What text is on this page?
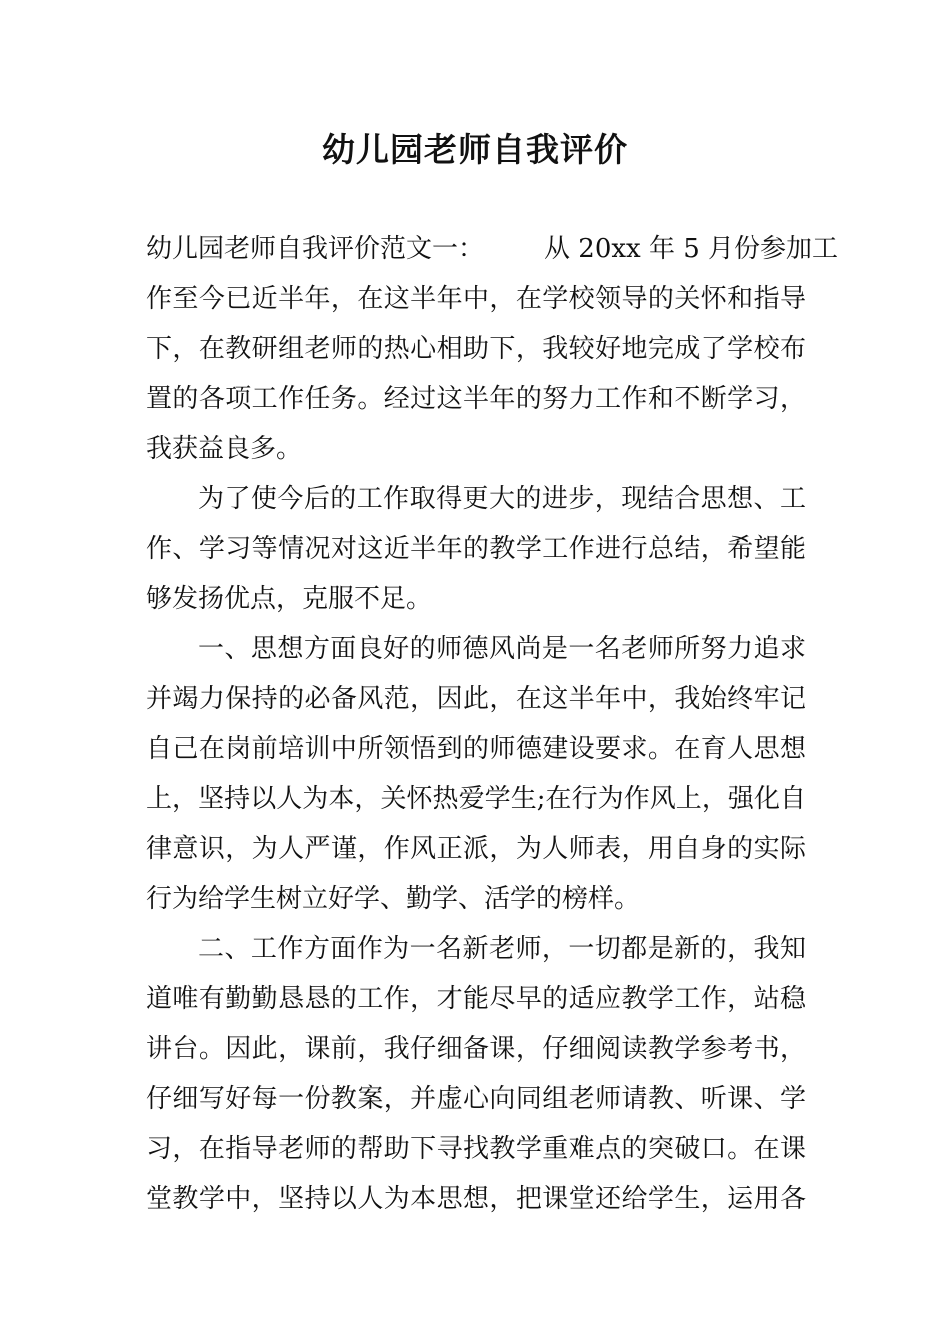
幼儿园老师自我评价
幼儿园老师自我评价范文一： 从 20xx 年 5 月份参加工
作至今已近半年，在这半年中，在学校领导的关怀和指导
下，在教研组老师的热心相助下，我较好地完成了学校布
置的各项工作任务。经过这半年的努力工作和不断学习，
我获益良多。
为了使今后的工作取得更大的进步，现结合思想、工
作、学习等情况对这近半年的教学工作进行总结，希望能
够发扬优点，克服不足。
一、思想方面良好的师德风尚是一名老师所努力追求
并竭力保持的必备风范，因此，在这半年中，我始终牢记
自己在岗前培训中所领悟到的师德建设要求。在育人思想
上，坚持以人为本，关怀热爱学生;在行为作风上，强化自
律意识，为人严谨，作风正派，为人师表，用自身的实际
行为给学生树立好学、勤学、活学的榜样。
二、工作方面作为一名新老师，一切都是新的，我知
道唯有勤勤恳恳的工作，才能尽早的适应教学工作，站稳
讲台。因此，课前，我仔细备课，仔细阅读教学参考书，
仔细写好每一份教案，并虚心向同组老师请教、听课、学
习，在指导老师的帮助下寻找教学重难点的突破口。在课
堂教学中，坚持以人为本思想，把课堂还给学生，运用各
